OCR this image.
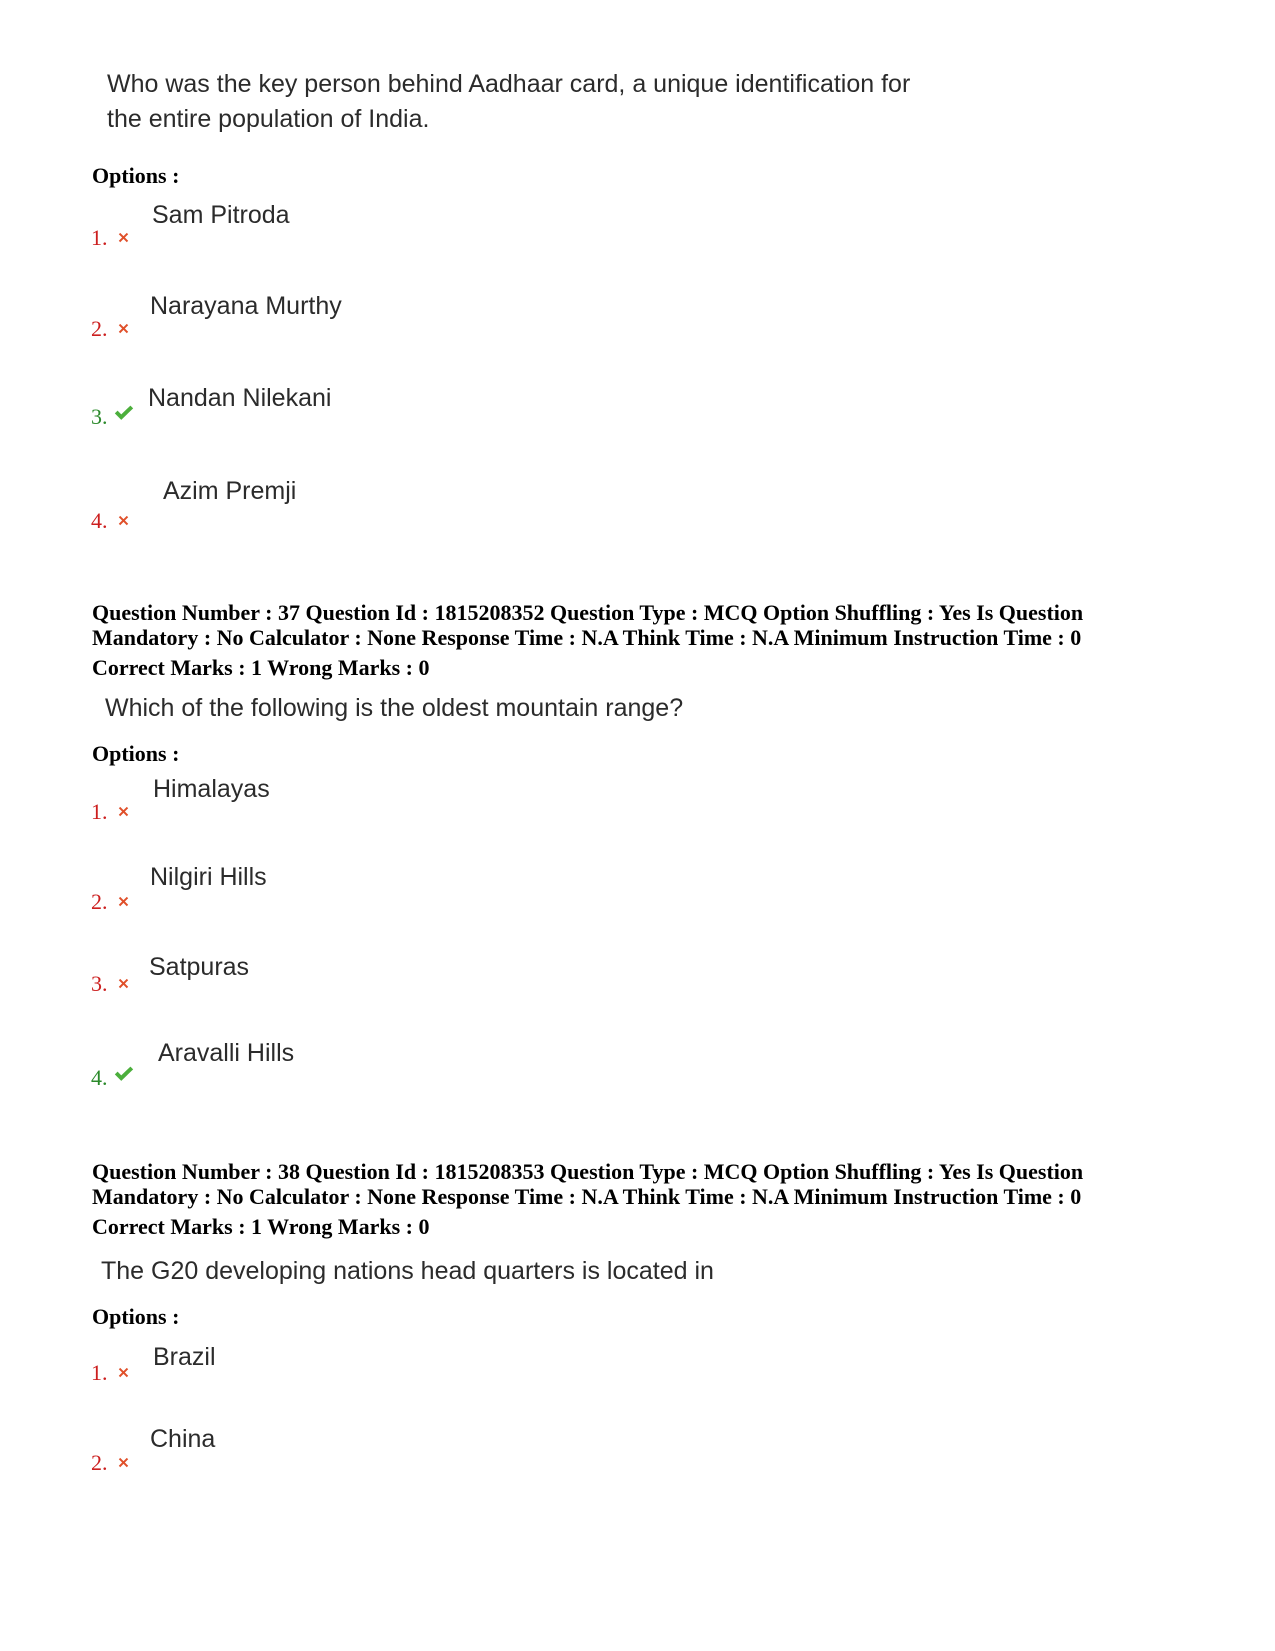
Who was the key person behind Aadhaar card, a unique identification for
the entire population of India.
Options :
1.
Sam Pitroda
2.
Narayana Murthy
3.
Nandan Nilekani
4.
Azim Premji
Question Number : 37 Question Id : 1815208352 Question Type : MCQ Option Shuffling : Yes Is Question
Mandatory : No Calculator : None Response Time : N.A Think Time : N.A Minimum Instruction Time : 0
Correct Marks : 1 Wrong Marks : 0
Which of the following is the oldest mountain range?
Options :
1.
Himalayas
2.
Nilgiri Hills
3.
Satpuras
4.
Aravalli Hills
Question Number : 38 Question Id : 1815208353 Question Type : MCQ Option Shuffling : Yes Is Question
Mandatory : No Calculator : None Response Time : N.A Think Time : N.A Minimum Instruction Time : 0
Correct Marks : 1 Wrong Marks : 0
The G20 developing nations head quarters is located in
Options :
1.
Brazil
2.
China
